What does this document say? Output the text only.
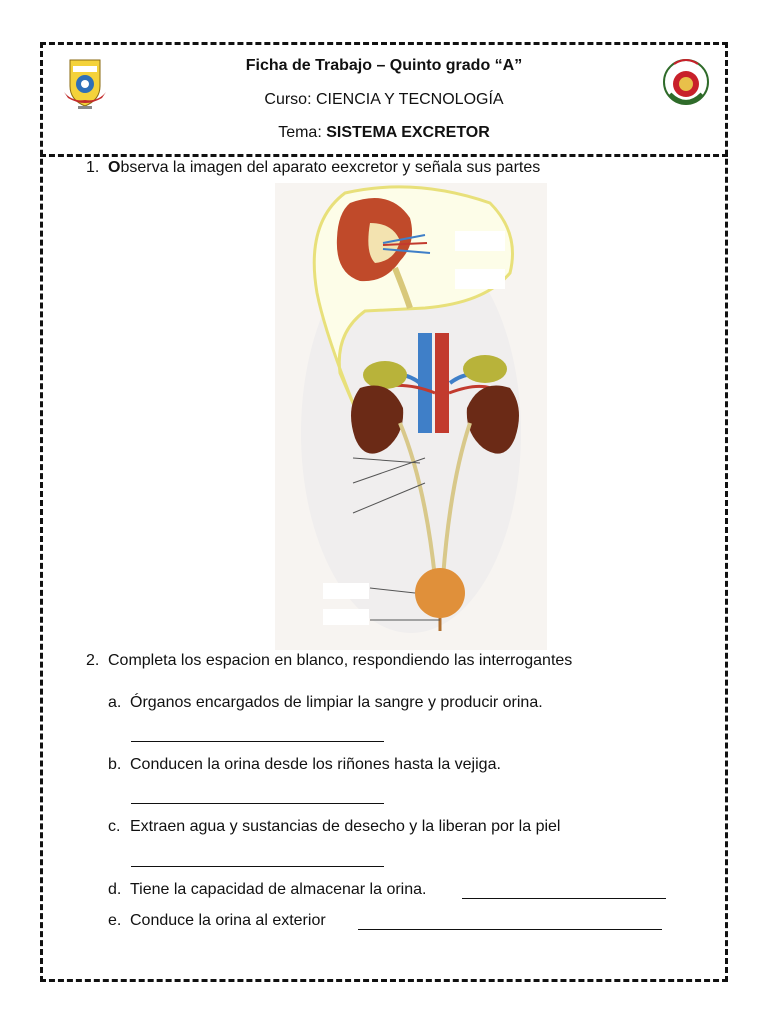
Ficha de Trabajo – Quinto grado “A”
Curso: CIENCIA Y TECNOLOGÍA
Tema: SISTEMA EXCRETOR
1. Observa la imagen del aparato eexcretor y señala sus partes
2. Completa los espacion en blanco, respondiendo las interrogantes
a. Órganos encargados de limpiar la sangre y producir orina.
b. Conducen la orina desde los riñones hasta la vejiga.
c. Extraen agua y sustancias de desecho y la liberan por la piel
d. Tiene la capacidad de almacenar la orina.
e. Conduce la orina al exterior
